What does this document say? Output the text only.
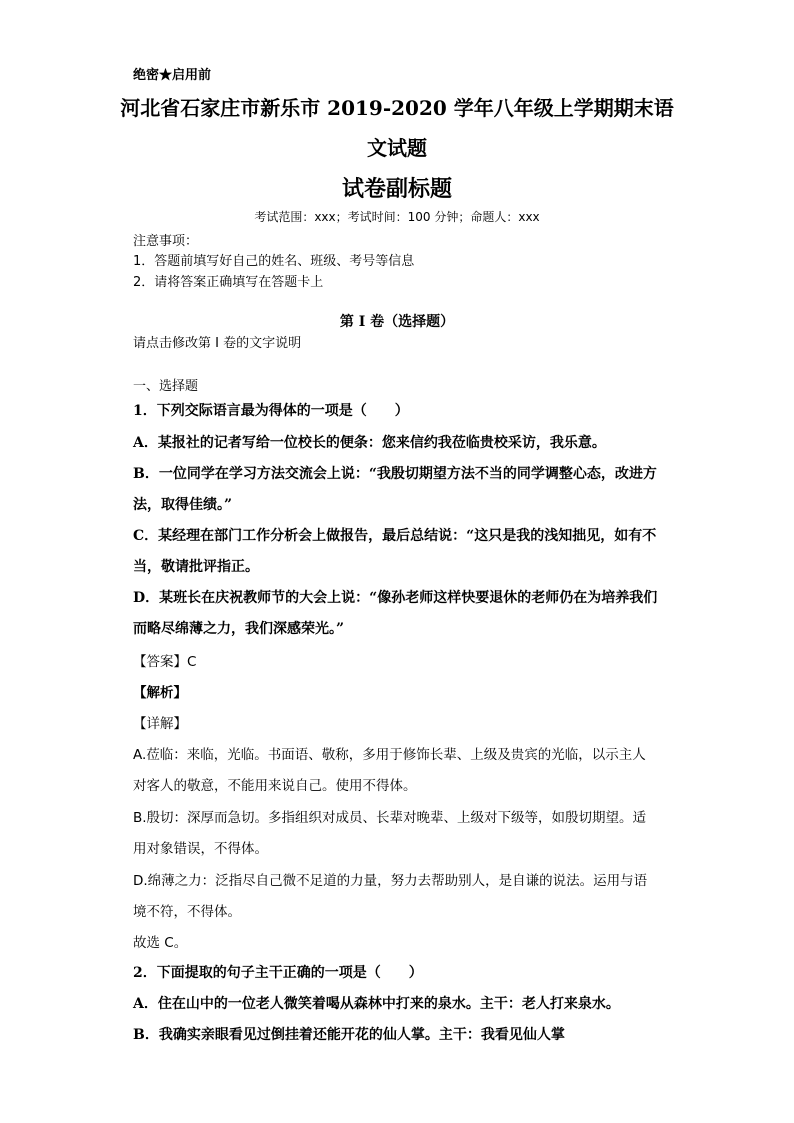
绝密★启用前
河北省石家庄市新乐市 2019-2020 学年八年级上学期期末语
文试题
试卷副标题
考试范围：xxx；考试时间：100 分钟；命题人：xxx
注意事项：
1．答题前填写好自己的姓名、班级、考号等信息
2．请将答案正确填写在答题卡上
第 I 卷（选择题）
请点击修改第 I 卷的文字说明
一、选择题
1．下列交际语言最为得体的一项是（　　）
A．某报社的记者写给一位校长的便条：您来信约我莅临贵校采访，我乐意。
B．一位同学在学习方法交流会上说：“我殷切期望方法不当的同学调整心态，改进方
法，取得佳绩。”
C．某经理在部门工作分析会上做报告，最后总结说：“这只是我的浅知拙见，如有不
当，敬请批评指正。
D．某班长在庆祝教师节的大会上说：“像孙老师这样快要退休的老师仍在为培养我们
而略尽绵薄之力，我们深感荣光。”
【答案】C
【解析】
【详解】
A.莅临：来临，光临。书面语、敬称，多用于修饰长辈、上级及贵宾的光临，以示主人
对客人的敬意，不能用来说自己。使用不得体。
B.殷切：深厚而急切。多指组织对成员、长辈对晚辈、上级对下级等，如殷切期望。适
用对象错误，不得体。
D.绵薄之力：泛指尽自己微不足道的力量，努力去帮助别人，是自谦的说法。运用与语
境不符，不得体。
故选 C。
2．下面提取的句子主干正确的一项是（　　）
A．住在山中的一位老人微笑着喝从森林中打来的泉水。主干：老人打来泉水。
B．我确实亲眼看见过倒挂着还能开花的仙人掌。主干：我看见仙人掌
